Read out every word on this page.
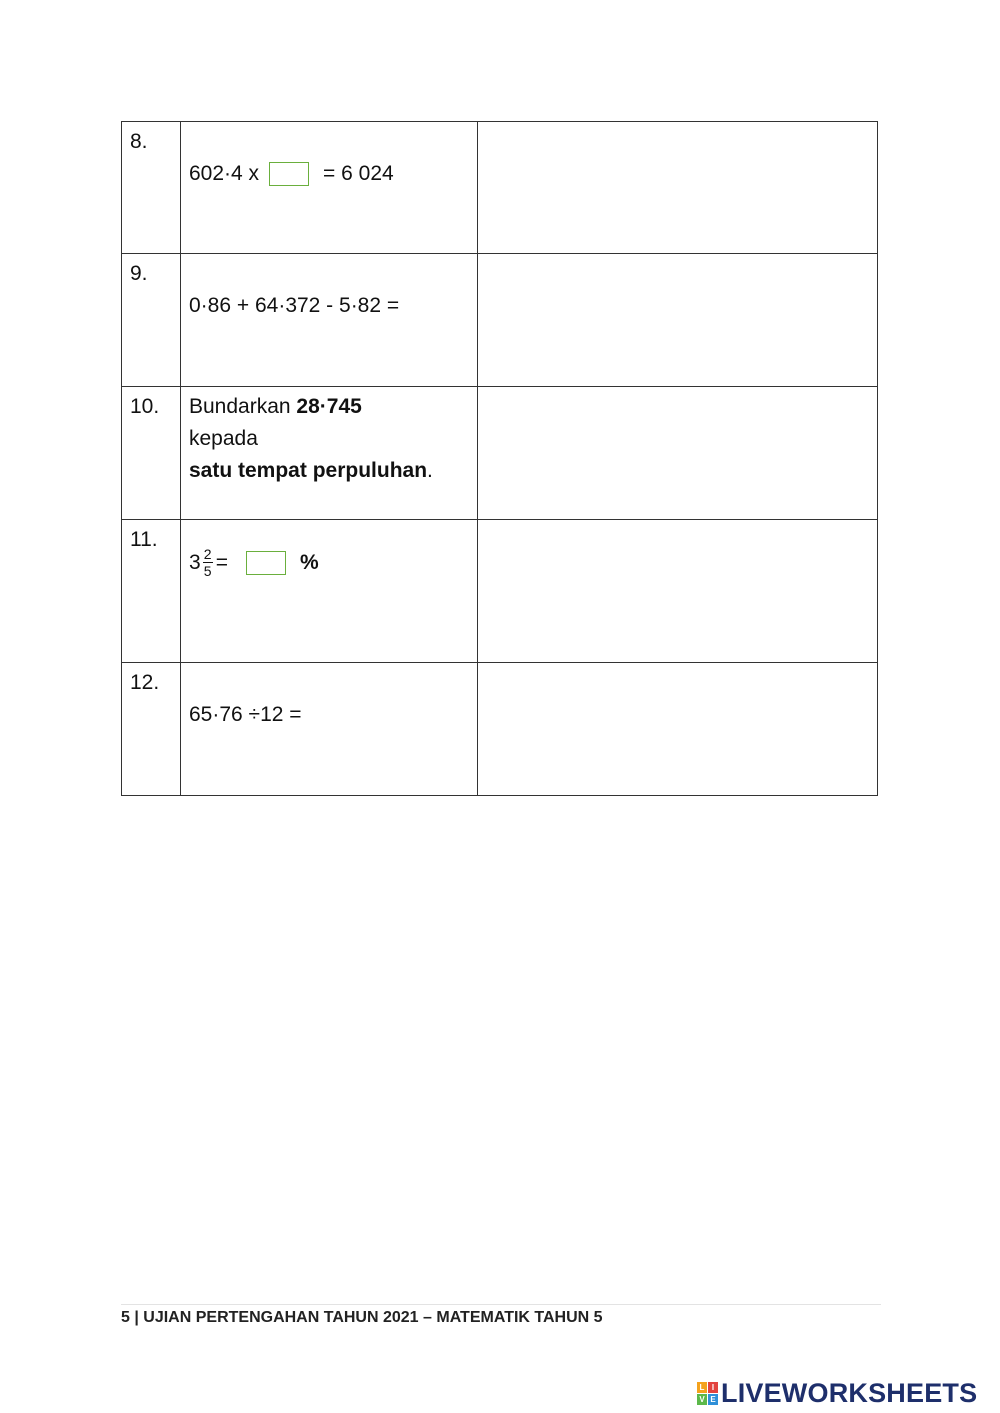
8.	602·4 x = 6 024	

9.	0·86 + 64·372 - 5·82 =	

10.	Bundarkan 28·745
kepada
satu tempat perpuluhan.	

11.	$3 \frac{2}{5}$ = %	

12.	65·76 ÷12 =	

5 | UJIAN PERTENGAHAN TAHUN 2021 – MATEMATIK TAHUN 5
L I
V E LIVEWORKSHEETS
